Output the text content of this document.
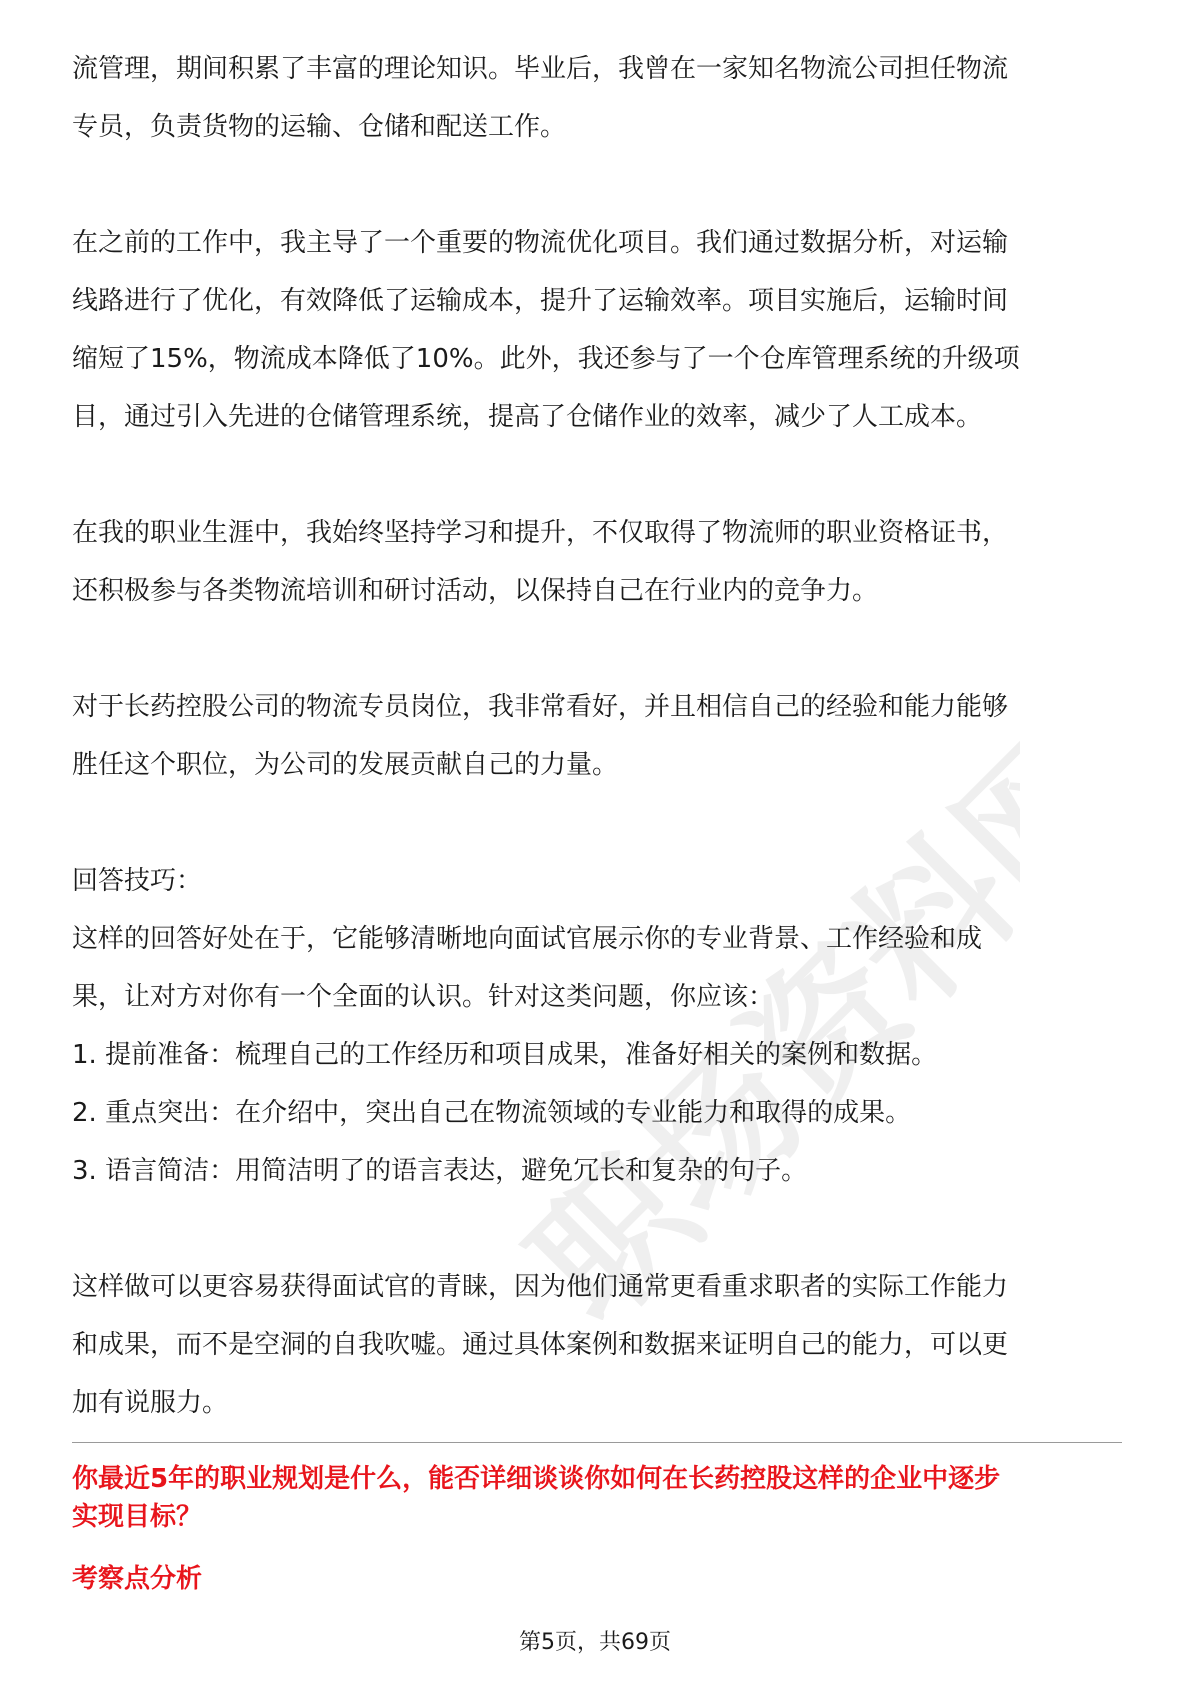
职场资料网

流管理，期间积累了丰富的理论知识。毕业后，我曾在一家知名物流公司担任物流

专员，负责货物的运输、仓储和配送工作。

在之前的工作中，我主导了一个重要的物流优化项目。我们通过数据分析，对运输

线路进行了优化，有效降低了运输成本，提升了运输效率。项目实施后，运输时间

缩短了15%，物流成本降低了10%。此外，我还参与了一个仓库管理系统的升级项

目，通过引入先进的仓储管理系统，提高了仓储作业的效率，减少了人工成本。

在我的职业生涯中，我始终坚持学习和提升，不仅取得了物流师的职业资格证书，

还积极参与各类物流培训和研讨活动，以保持自己在行业内的竞争力。

对于长药控股公司的物流专员岗位，我非常看好，并且相信自己的经验和能力能够

胜任这个职位，为公司的发展贡献自己的力量。

回答技巧：

这样的回答好处在于，它能够清晰地向面试官展示你的专业背景、工作经验和成

果，让对方对你有一个全面的认识。针对这类问题，你应该：

1. 提前准备：梳理自己的工作经历和项目成果，准备好相关的案例和数据。

2. 重点突出：在介绍中，突出自己在物流领域的专业能力和取得的成果。

3. 语言简洁：用简洁明了的语言表达，避免冗长和复杂的句子。

这样做可以更容易获得面试官的青睐，因为他们通常更看重求职者的实际工作能力

和成果，而不是空洞的自我吹嘘。通过具体案例和数据来证明自己的能力，可以更

加有说服力。

你最近5年的职业规划是什么，能否详细谈谈你如何在长药控股这样的企业中逐步
实现目标？

考察点分析

第5页，共69页
